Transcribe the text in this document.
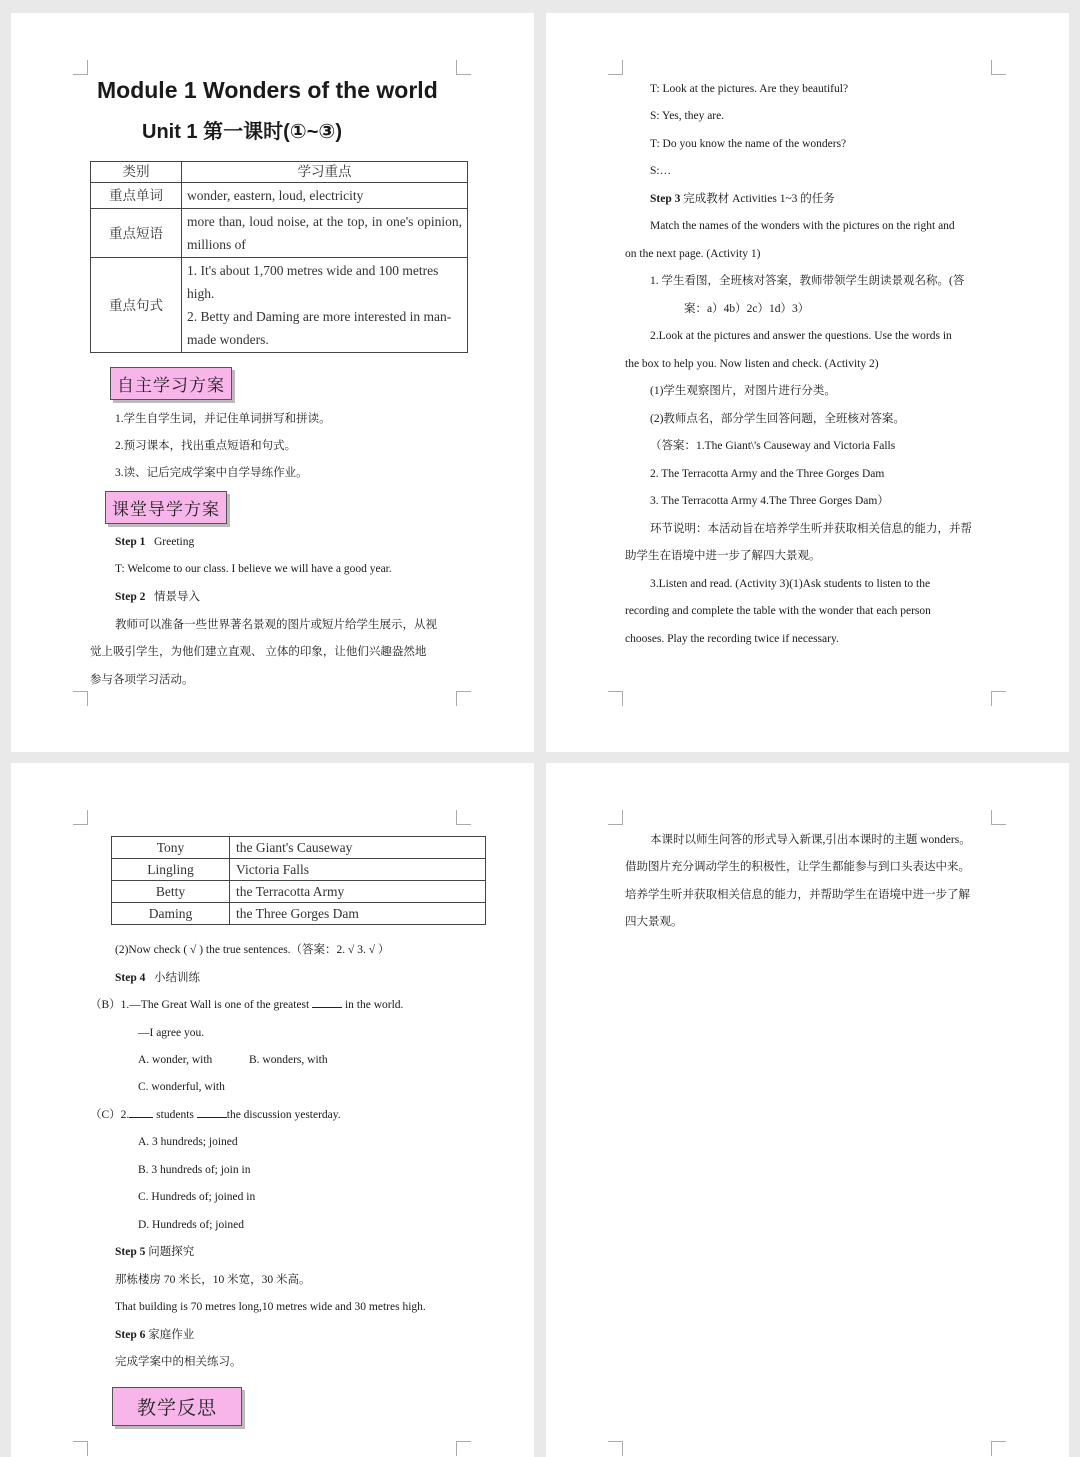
Module 1 Wonders of the world
Unit 1 第一课时(①~③)
类别	学习重点
重点单词	wonder, eastern, loud, electricity
重点短语	more than, loud noise, at the top, in one's opinion, millions of
重点句式	1. It's about 1,700 metres wide and 100 metres high.
2. Betty and Daming are more interested in man-made wonders.
自主学习方案
1.学生自学生词，并记住单词拼写和拼读。
2.预习课本，找出重点短语和句式。
3.读、记后完成学案中自学导练作业。
课堂导学方案
Step 1 Greeting
T: Welcome to our class. I believe we will have a good year.
Step 2 情景导入
教师可以准备一些世界著名景观的图片或短片给学生展示，从视
觉上吸引学生，为他们建立直观、 立体的印象，让他们兴趣盎然地
参与各项学习活动。
T: Look at the pictures. Are they beautiful?
S: Yes, they are.
T: Do you know the name of the wonders?
S:…
Step 3 完成教材 Activities 1~3 的任务
Match the names of the wonders with the pictures on the right and
on the next page. (Activity 1)
1. 学生看图，全班核对答案，教师带领学生朗读景观名称。(答
案：a）4b）2c）1d）3）
2.Look at the pictures and answer the questions. Use the words in
the box to help you. Now listen and check. (Activity 2)
(1)学生观察图片，对图片进行分类。
(2)教师点名，部分学生回答问题，全班核对答案。
（答案：1.The Giant\'s Causeway and Victoria Falls
2. The Terracotta Army and the Three Gorges Dam
3. The Terracotta Army 4.The Three Gorges Dam）
环节说明：本活动旨在培养学生听并获取相关信息的能力，并帮
助学生在语境中进一步了解四大景观。
3.Listen and read. (Activity 3)(1)Ask students to listen to the
recording and complete the table with the wonder that each person
chooses. Play the recording twice if necessary.
Tony	the Giant's Causeway
Lingling	Victoria Falls
Betty	the Terracotta Army
Daming	the Three Gorges Dam
(2)Now check ( √ ) the true sentences.（答案：2. √ 3. √ ）
Step 4 小结训练
（B）1.—The Great Wall is one of the greatest	in the world.
—I agree you.
A. wonder, with	B. wonders, with
C. wonderful, with
（C）2. students	the discussion yesterday.
A. 3 hundreds; joined
B. 3 hundreds of; join in
C. Hundreds of; joined in
D. Hundreds of; joined
Step 5 问题探究
那栋楼房 70 米长，10 米宽，30 米高。
That building is 70 metres long,10 metres wide and 30 metres high.
Step 6 家庭作业
完成学案中的相关练习。
教学反思
本课时以师生问答的形式导入新课,引出本课时的主题 wonders。
借助图片充分调动学生的积极性，让学生都能参与到口头表达中来。
培养学生听并获取相关信息的能力，并帮助学生在语境中进一步了解
四大景观。
